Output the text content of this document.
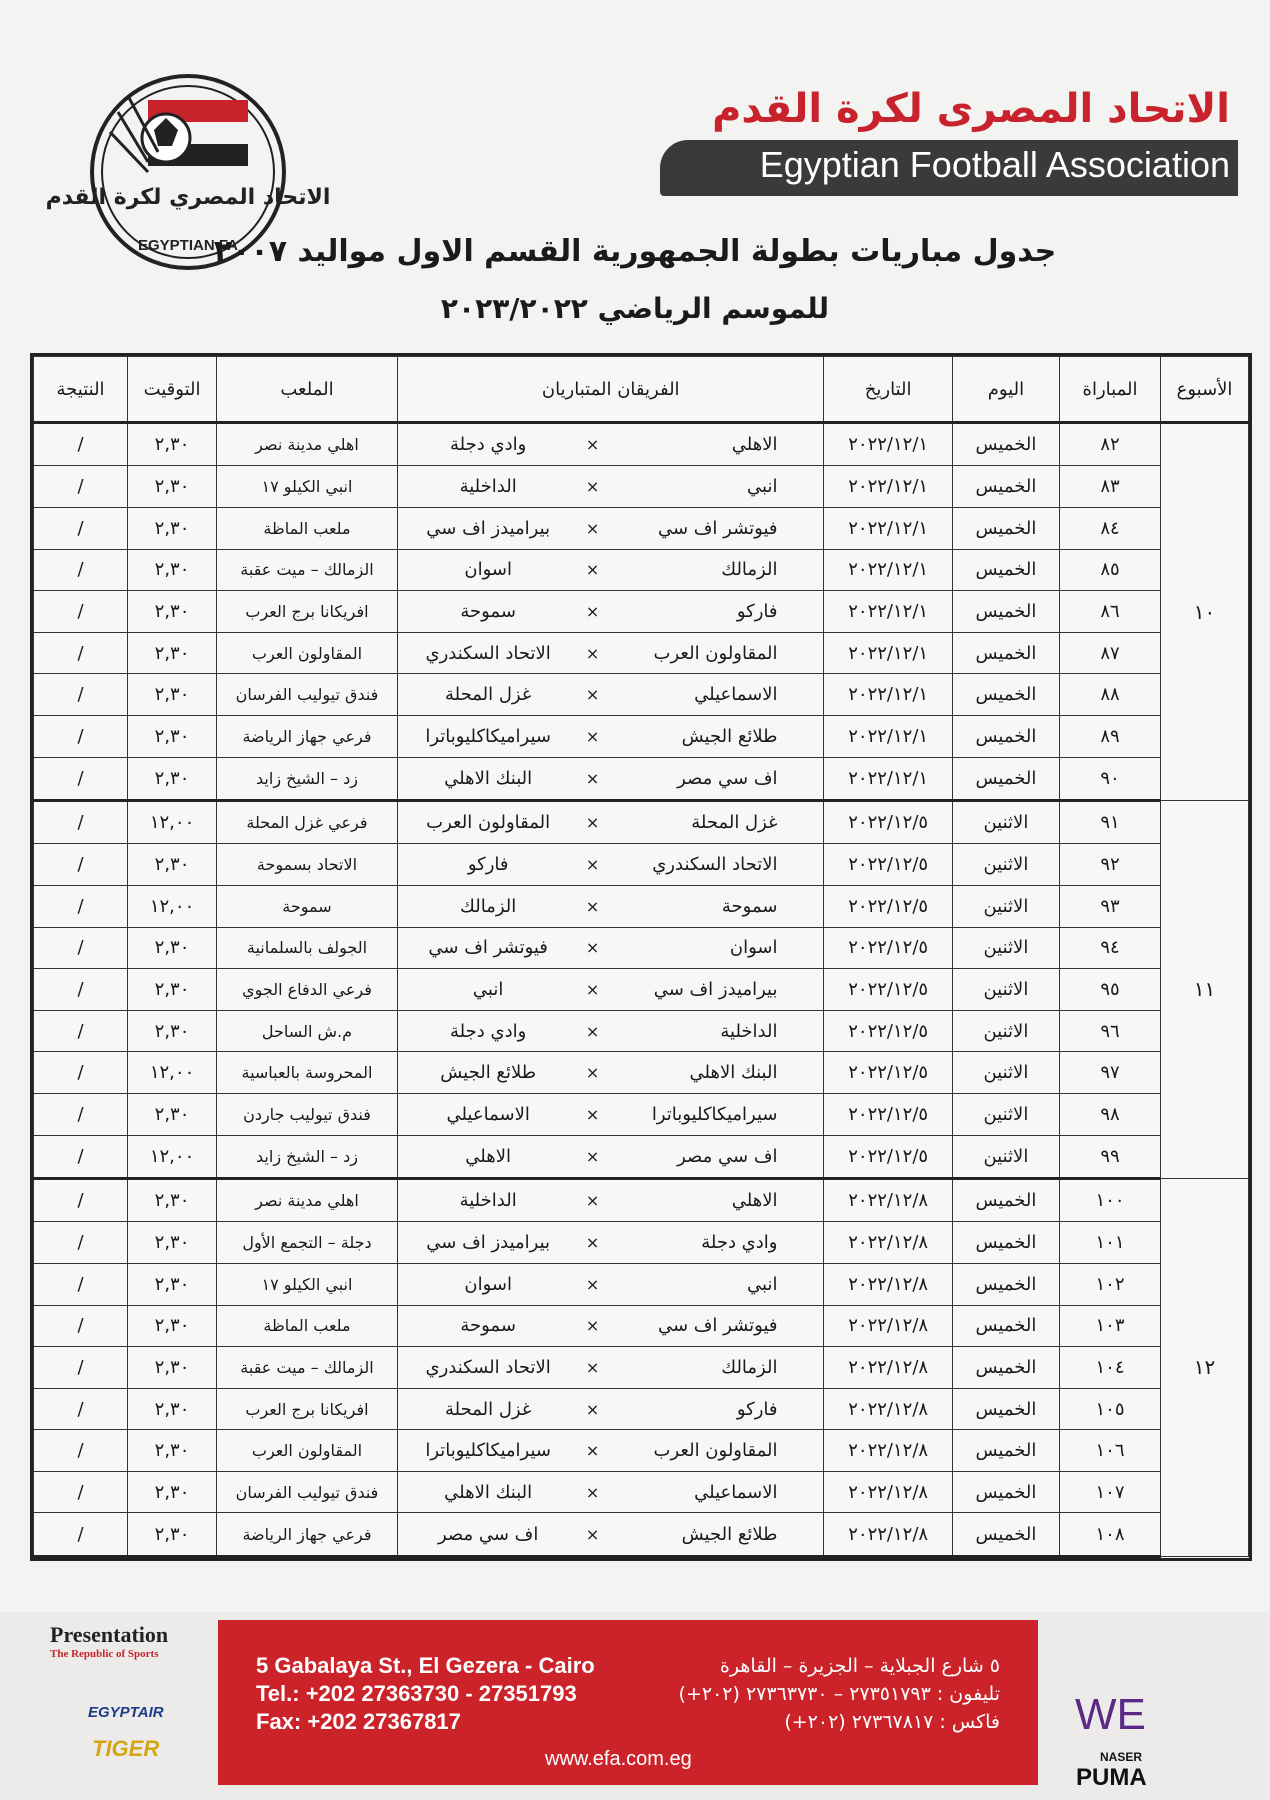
الاتحاد المصري لكرة القدم
EGYPTIAN FA
الاتحاد المصرى لكرة القدم
Egyptian Football Association
جدول مباريات بطولة الجمهورية القسم الاول مواليد ٢٠٠٧
للموسم الرياضي ٢٠٢٣/٢٠٢٢
الأسبوع	المباراة	اليوم	التاريخ	الفريقان المتباريان			الملعب	التوقيت	النتيجة
١٠	٨٢	الخميس	٢٠٢٢/١٢/١	الاهلي	×	وادي دجلة	اهلي مدينة نصر	٢,٣٠	/
	٨٣	الخميس	٢٠٢٢/١٢/١	انبي	×	الداخلية	انبي الكيلو ١٧	٢,٣٠	/
	٨٤	الخميس	٢٠٢٢/١٢/١	فيوتشر اف سي	×	بيراميدز اف سي	ملعب الماظة	٢,٣٠	/
	٨٥	الخميس	٢٠٢٢/١٢/١	الزمالك	×	اسوان	الزمالك – ميت عقبة	٢,٣٠	/
	٨٦	الخميس	٢٠٢٢/١٢/١	فاركو	×	سموحة	افريكانا برج العرب	٢,٣٠	/
	٨٧	الخميس	٢٠٢٢/١٢/١	المقاولون العرب	×	الاتحاد السكندري	المقاولون العرب	٢,٣٠	/
	٨٨	الخميس	٢٠٢٢/١٢/١	الاسماعيلي	×	غزل المحلة	فندق تيوليب الفرسان	٢,٣٠	/
	٨٩	الخميس	٢٠٢٢/١٢/١	طلائع الجيش	×	سيراميكاكليوباترا	فرعي جهاز الرياضة	٢,٣٠	/
	٩٠	الخميس	٢٠٢٢/١٢/١	اف سي مصر	×	البنك الاهلي	زد – الشيخ زايد	٢,٣٠	/
١١	٩١	الاثنين	٢٠٢٢/١٢/٥	غزل المحلة	×	المقاولون العرب	فرعي غزل المحلة	١٢,٠٠	/
	٩٢	الاثنين	٢٠٢٢/١٢/٥	الاتحاد السكندري	×	فاركو	الاتحاد بسموحة	٢,٣٠	/
	٩٣	الاثنين	٢٠٢٢/١٢/٥	سموحة	×	الزمالك	سموحة	١٢,٠٠	/
	٩٤	الاثنين	٢٠٢٢/١٢/٥	اسوان	×	فيوتشر اف سي	الجولف بالسلمانية	٢,٣٠	/
	٩٥	الاثنين	٢٠٢٢/١٢/٥	بيراميدز اف سي	×	انبي	فرعي الدفاع الجوي	٢,٣٠	/
	٩٦	الاثنين	٢٠٢٢/١٢/٥	الداخلية	×	وادي دجلة	م.ش الساحل	٢,٣٠	/
	٩٧	الاثنين	٢٠٢٢/١٢/٥	البنك الاهلي	×	طلائع الجيش	المحروسة بالعباسية	١٢,٠٠	/
	٩٨	الاثنين	٢٠٢٢/١٢/٥	سيراميكاكليوباترا	×	الاسماعيلي	فندق تيوليب جاردن	٢,٣٠	/
	٩٩	الاثنين	٢٠٢٢/١٢/٥	اف سي مصر	×	الاهلي	زد – الشيخ زايد	١٢,٠٠	/
١٢	١٠٠	الخميس	٢٠٢٢/١٢/٨	الاهلي	×	الداخلية	اهلي مدينة نصر	٢,٣٠	/
	١٠١	الخميس	٢٠٢٢/١٢/٨	وادي دجلة	×	بيراميدز اف سي	دجلة – التجمع الأول	٢,٣٠	/
	١٠٢	الخميس	٢٠٢٢/١٢/٨	انبي	×	اسوان	انبي الكيلو ١٧	٢,٣٠	/
	١٠٣	الخميس	٢٠٢٢/١٢/٨	فيوتشر اف سي	×	سموحة	ملعب الماظة	٢,٣٠	/
	١٠٤	الخميس	٢٠٢٢/١٢/٨	الزمالك	×	الاتحاد السكندري	الزمالك – ميت عقبة	٢,٣٠	/
	١٠٥	الخميس	٢٠٢٢/١٢/٨	فاركو	×	غزل المحلة	افريكانا برج العرب	٢,٣٠	/
	١٠٦	الخميس	٢٠٢٢/١٢/٨	المقاولون العرب	×	سيراميكاكليوباترا	المقاولون العرب	٢,٣٠	/
	١٠٧	الخميس	٢٠٢٢/١٢/٨	الاسماعيلي	×	البنك الاهلي	فندق تيوليب الفرسان	٢,٣٠	/
	١٠٨	الخميس	٢٠٢٢/١٢/٨	طلائع الجيش	×	اف سي مصر	فرعي جهاز الرياضة	٢,٣٠	/
5 Gabalaya St., El Gezera - Cairo
Tel.: +202 27363730 - 27351793
Fax: +202 27367817
٥ شارع الجبلاية – الجزيرة – القاهرة
تليفون : ٢٧٣٥١٧٩٣ – ٢٧٣٦٣٧٣٠ (٢٠٢+)
فاكس : ٢٧٣٦٧٨١٧ (٢٠٢+)
www.efa.com.eg
Presentation
The Republic of Sports
EGYPTAIR
TIGER
WE
NASER
PUMA
